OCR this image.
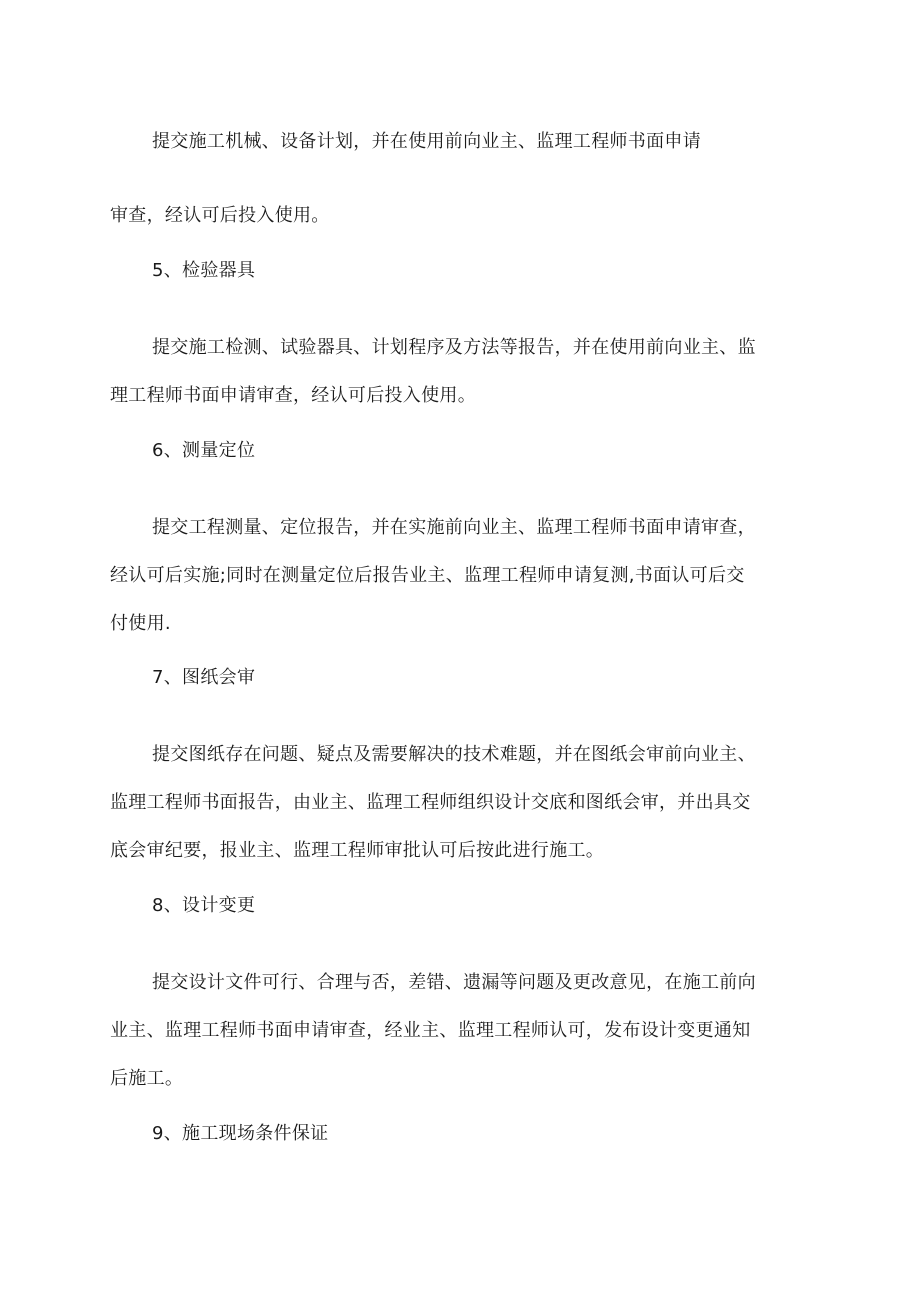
提交施工机械、设备计划，并在使用前向业主、监理工程师书面申请
审查，经认可后投入使用。
5、检验器具
提交施工检测、试验器具、计划程序及方法等报告，并在使用前向业主、监
理工程师书面申请审查，经认可后投入使用。
6、测量定位
提交工程测量、定位报告，并在实施前向业主、监理工程师书面申请审查，
经认可后实施;同时在测量定位后报告业主、监理工程师申请复测,书面认可后交
付使用.
7、图纸会审
提交图纸存在问题、疑点及需要解决的技术难题，并在图纸会审前向业主、
监理工程师书面报告，由业主、监理工程师组织设计交底和图纸会审，并出具交
底会审纪要，报业主、监理工程师审批认可后按此进行施工。
8、设计变更
提交设计文件可行、合理与否，差错、遗漏等问题及更改意见，在施工前向
业主、监理工程师书面申请审查，经业主、监理工程师认可，发布设计变更通知
后施工。
9、施工现场条件保证
